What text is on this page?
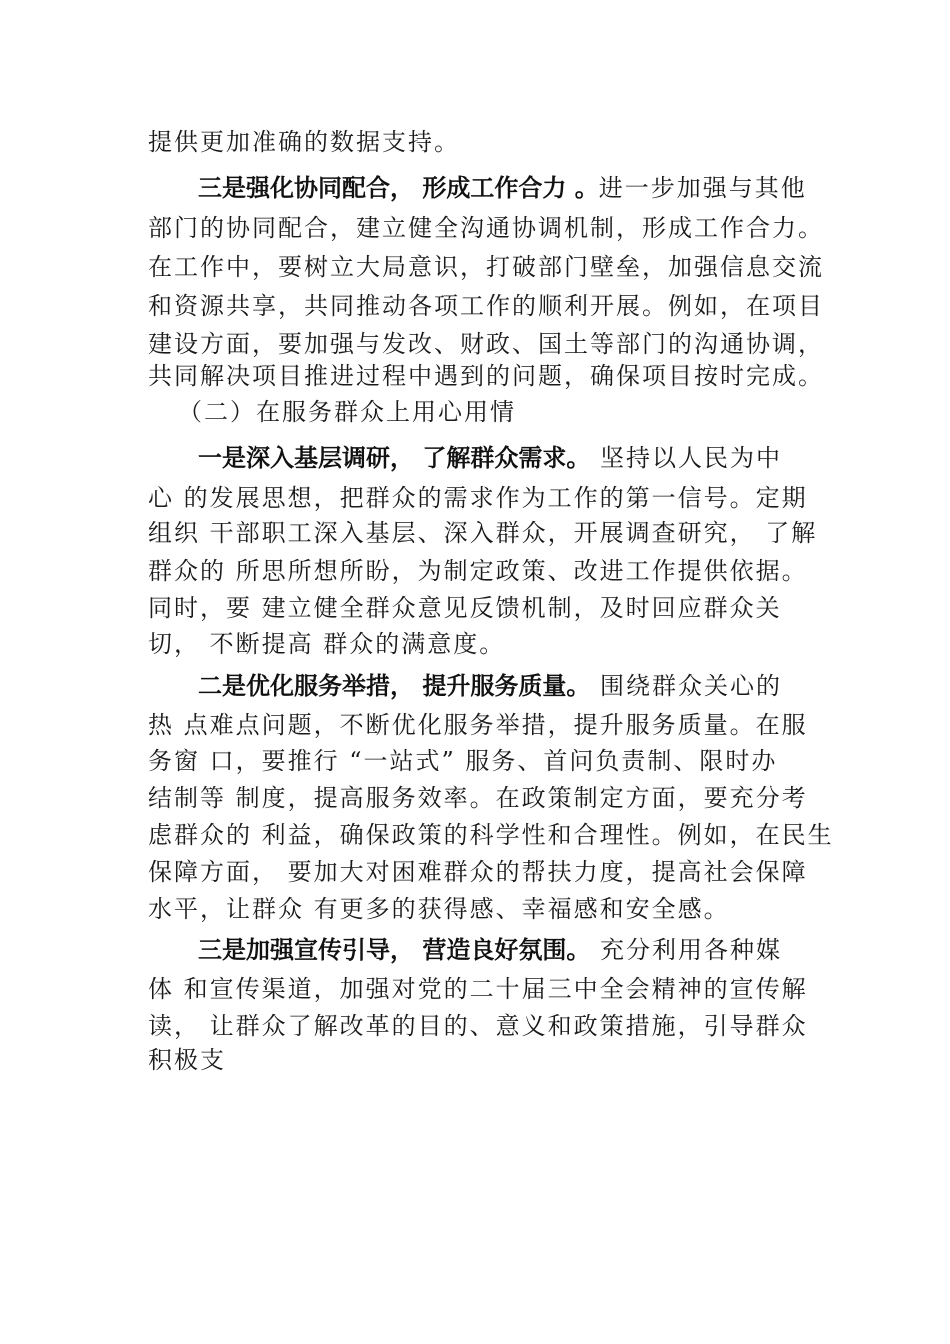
提供更加准确的数据支持。
三是强化协同配合， 形成工作合力 。进一步加强与其他
部门的协同配合，建立健全沟通协调机制，形成工作合力。
在工作中，要树立大局意识，打破部门壁垒，加强信息交流
和资源共享，共同推动各项工作的顺利开展。例如，在项目
建设方面，要加强与发改、财政、国土等部门的沟通协调，
共同解决项目推进过程中遇到的问题，确保项目按时完成。
（二）在服务群众上用心用情
一是深入基层调研， 了解群众需求。 坚持以人民为中
心 的发展思想，把群众的需求作为工作的第一信号。定期
组织 干部职工深入基层、深入群众，开展调查研究， 了解
群众的 所思所想所盼，为制定政策、改进工作提供依据。
同时，要 建立健全群众意见反馈机制，及时回应群众关
切， 不断提高 群众的满意度。
二是优化服务举措， 提升服务质量。 围绕群众关心的
热 点难点问题，不断优化服务举措，提升服务质量。在服
务窗 口，要推行 “一站式” 服务、首问负责制、限时办
结制等 制度，提高服务效率。在政策制定方面，要充分考
虑群众的 利益，确保政策的科学性和合理性。例如，在民生
保障方面， 要加大对困难群众的帮扶力度，提高社会保障
水平，让群众 有更多的获得感、幸福感和安全感。
三是加强宣传引导， 营造良好氛围。 充分利用各种媒
体 和宣传渠道，加强对党的二十届三中全会精神的宣传解
读， 让群众了解改革的目的、意义和政策措施，引导群众
积极支
